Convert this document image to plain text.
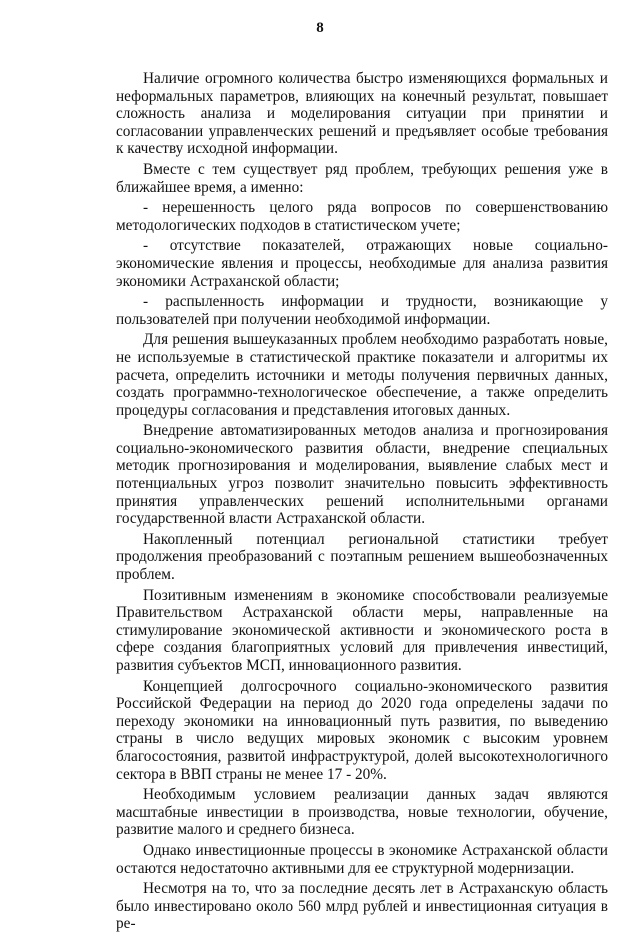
8

Наличие огромного количества быстро изменяющихся формальных и неформальных параметров, влияющих на конечный результат, повышает сложность анализа и моделирования ситуации при принятии и согласовании управленческих решений и предъявляет особые требования к качеству исходной информации.

Вместе с тем существует ряд проблем, требующих решения уже в ближайшее время, а именно:

- нерешенность целого ряда вопросов по совершенствованию методологических подходов в статистическом учете;

- отсутствие показателей, отражающих новые социально-экономические явления и процессы, необходимые для анализа развития экономики Астраханской области;

- распыленность информации и трудности, возникающие у пользователей при получении необходимой информации.

Для решения вышеуказанных проблем необходимо разработать новые, не используемые в статистической практике показатели и алгоритмы их расчета, определить источники и методы получения первичных данных, создать программно-технологическое обеспечение, а также определить процедуры согласования и представления итоговых данных.

Внедрение автоматизированных методов анализа и прогнозирования социально-экономического развития области, внедрение специальных методик прогнозирования и моделирования, выявление слабых мест и потенциальных угроз позволит значительно повысить эффективность принятия управленческих решений исполнительными органами государственной власти Астраханской области.

Накопленный потенциал региональной статистики требует продолжения преобразований с поэтапным решением вышеобозначенных проблем.

Позитивным изменениям в экономике способствовали реализуемые Правительством Астраханской области меры, направленные на стимулирование экономической активности и экономического роста в сфере создания благоприятных условий для привлечения инвестиций, развития субъектов МСП, инновационного развития.

Концепцией долгосрочного социально-экономического развития Российской Федерации на период до 2020 года определены задачи по переходу экономики на инновационный путь развития, по выведению страны в число ведущих мировых экономик с высоким уровнем благосостояния, развитой инфраструктурой, долей высокотехнологичного сектора в ВВП страны не менее 17 - 20%.

Необходимым условием реализации данных задач являются масштабные инвестиции в производства, новые технологии, обучение, развитие малого и среднего бизнеса.

Однако инвестиционные процессы в экономике Астраханской области остаются недостаточно активными для ее структурной модернизации.

Несмотря на то, что за последние десять лет в Астраханскую область было инвестировано около 560 млрд рублей и инвестиционная ситуация в ре-
